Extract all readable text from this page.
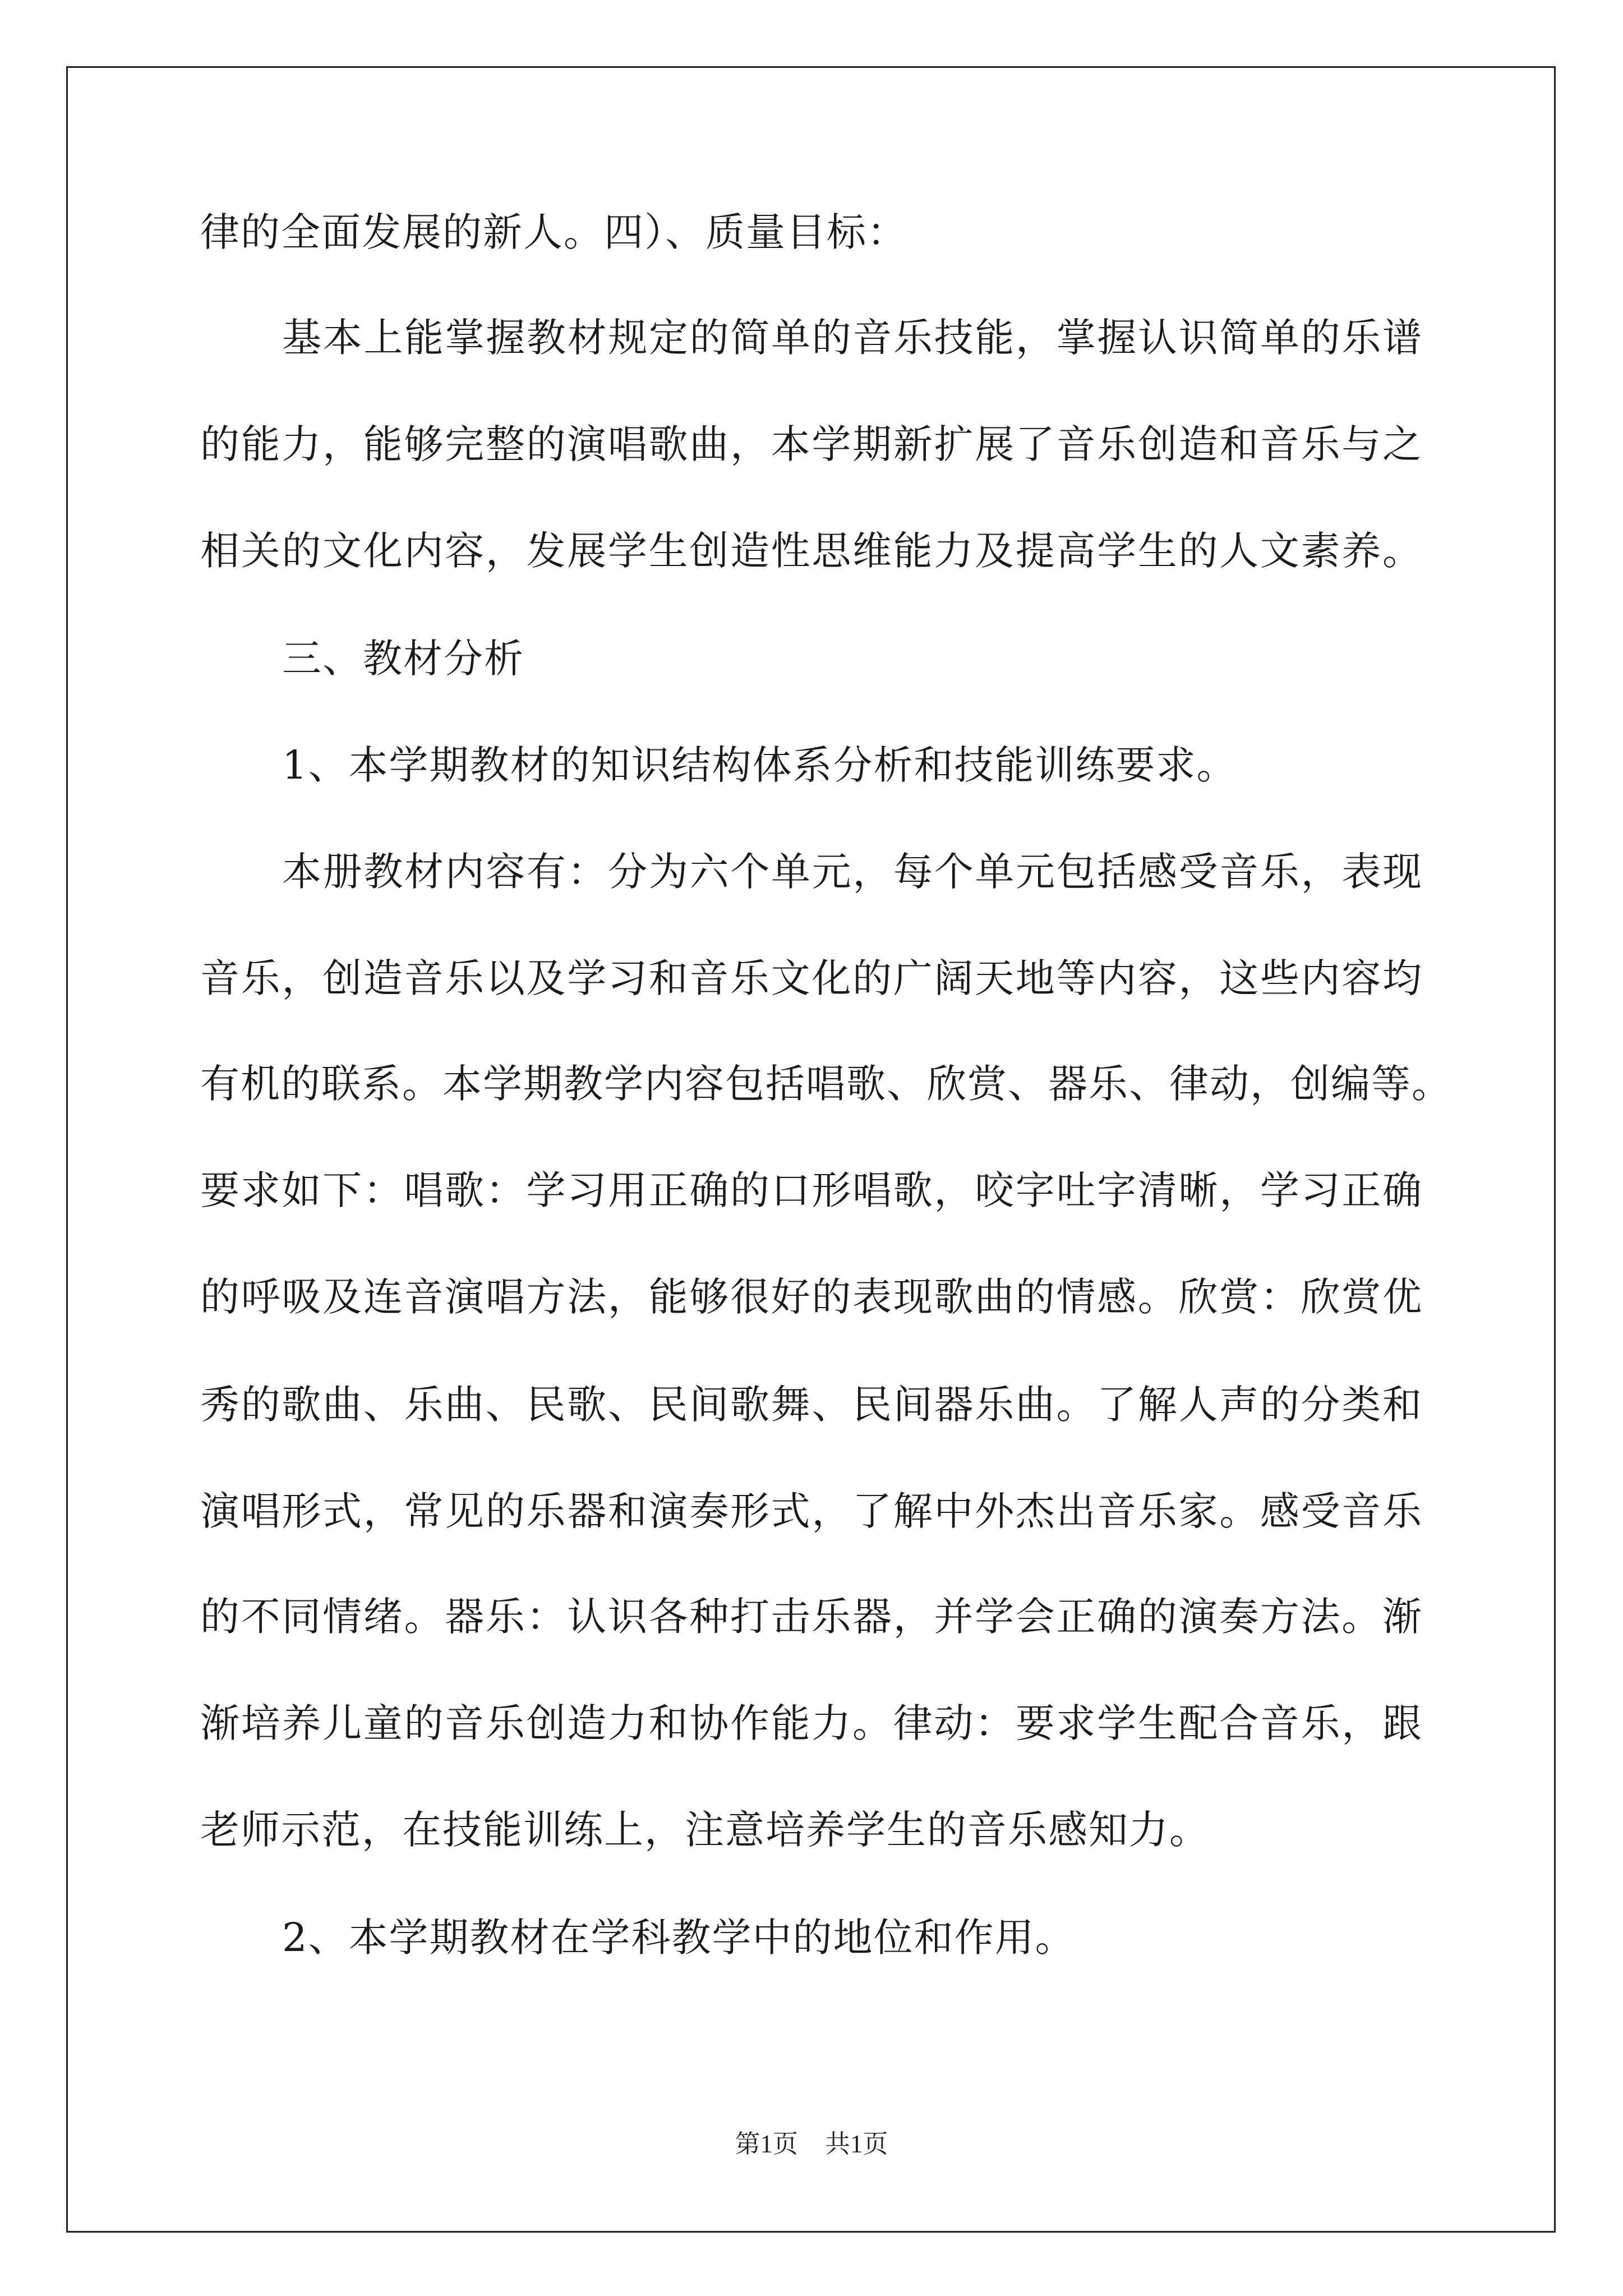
律的全面发展的新人。四）、质量目标：
基本上能掌握教材规定的简单的音乐技能，掌握认识简单的乐谱
的能力，能够完整的演唱歌曲，本学期新扩展了音乐创造和音乐与之
相关的文化内容，发展学生创造性思维能力及提高学生的人文素养。
三、教材分析
1、本学期教材的知识结构体系分析和技能训练要求。
本册教材内容有：分为六个单元，每个单元包括感受音乐，表现
音乐，创造音乐以及学习和音乐文化的广阔天地等内容，这些内容均
有机的联系。本学期教学内容包括唱歌、欣赏、器乐、律动，创编等。
要求如下：唱歌：学习用正确的口形唱歌，咬字吐字清晰，学习正确
的呼吸及连音演唱方法，能够很好的表现歌曲的情感。欣赏：欣赏优
秀的歌曲、乐曲、民歌、民间歌舞、民间器乐曲。了解人声的分类和
演唱形式，常见的乐器和演奏形式，了解中外杰出音乐家。感受音乐
的不同情绪。器乐：认识各种打击乐器，并学会正确的演奏方法。渐
渐培养儿童的音乐创造力和协作能力。律动：要求学生配合音乐，跟
老师示范，在技能训练上，注意培养学生的音乐感知力。
2、本学期教材在学科教学中的地位和作用。
第1页 共1页
